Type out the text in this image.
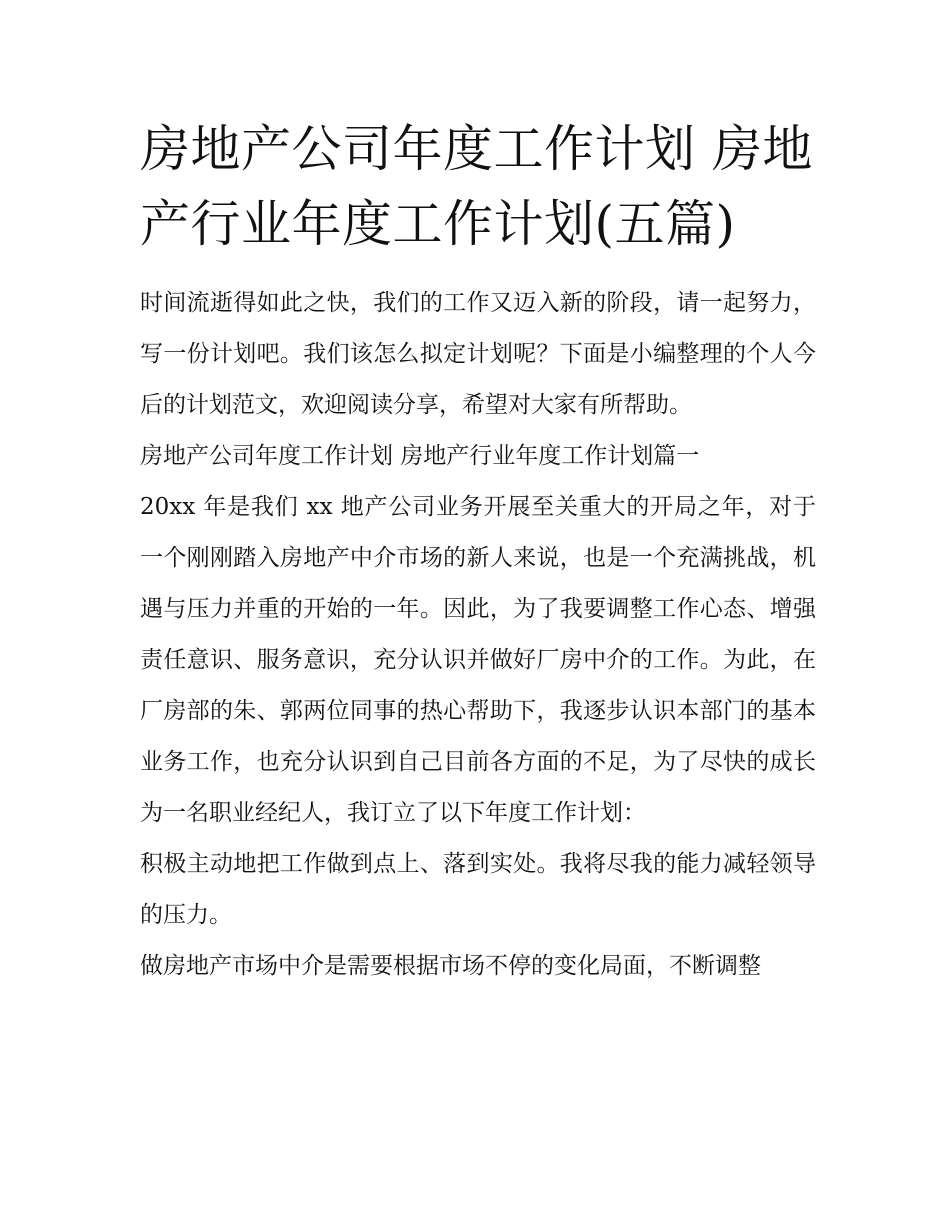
房地产公司年度工作计划 房地产行业年度工作计划(五篇)

时间流逝得如此之快，我们的工作又迈入新的阶段，请一起努力，写一份计划吧。我们该怎么拟定计划呢？下面是小编整理的个人今后的计划范文，欢迎阅读分享，希望对大家有所帮助。

房地产公司年度工作计划 房地产行业年度工作计划篇一

20xx 年是我们 xx 地产公司业务开展至关重大的开局之年，对于一个刚刚踏入房地产中介市场的新人来说，也是一个充满挑战，机遇与压力并重的开始的一年。因此，为了我要调整工作心态、增强责任意识、服务意识，充分认识并做好厂房中介的工作。为此，在厂房部的朱、郭两位同事的热心帮助下，我逐步认识本部门的基本业务工作，也充分认识到自己目前各方面的不足，为了尽快的成长为一名职业经纪人，我订立了以下年度工作计划：

积极主动地把工作做到点上、落到实处。我将尽我的能力减轻领导的压力。

做房地产市场中介是需要根据市场不停的变化局面，不断调整
